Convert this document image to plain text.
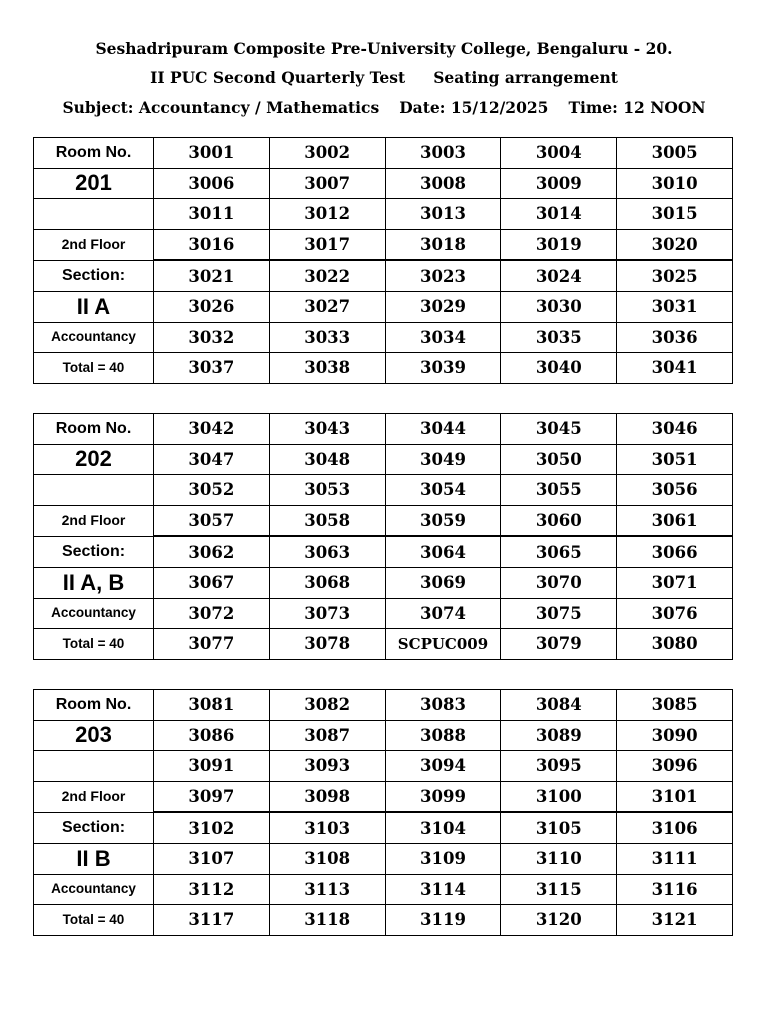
Seshadripuram Composite Pre-University College, Bengaluru - 20.
II PUC Second Quarterly Test Seating arrangement
Subject: Accountancy / Mathematics Date: 15/12/2025 Time: 12 NOON
Room No.	3001	3002	3003	3004	3005
201	3006	3007	3008	3009	3010
	3011	3012	3013	3014	3015
2nd Floor	3016	3017	3018	3019	3020
Section:	3021	3022	3023	3024	3025
II A	3026	3027	3029	3030	3031
Accountancy	3032	3033	3034	3035	3036
Total = 40	3037	3038	3039	3040	3041
Room No.	3042	3043	3044	3045	3046
202	3047	3048	3049	3050	3051
	3052	3053	3054	3055	3056
2nd Floor	3057	3058	3059	3060	3061
Section:	3062	3063	3064	3065	3066
II A, B	3067	3068	3069	3070	3071
Accountancy	3072	3073	3074	3075	3076
Total = 40	3077	3078	SCPUC009	3079	3080
Room No.	3081	3082	3083	3084	3085
203	3086	3087	3088	3089	3090
	3091	3093	3094	3095	3096
2nd Floor	3097	3098	3099	3100	3101
Section:	3102	3103	3104	3105	3106
II B	3107	3108	3109	3110	3111
Accountancy	3112	3113	3114	3115	3116
Total = 40	3117	3118	3119	3120	3121
